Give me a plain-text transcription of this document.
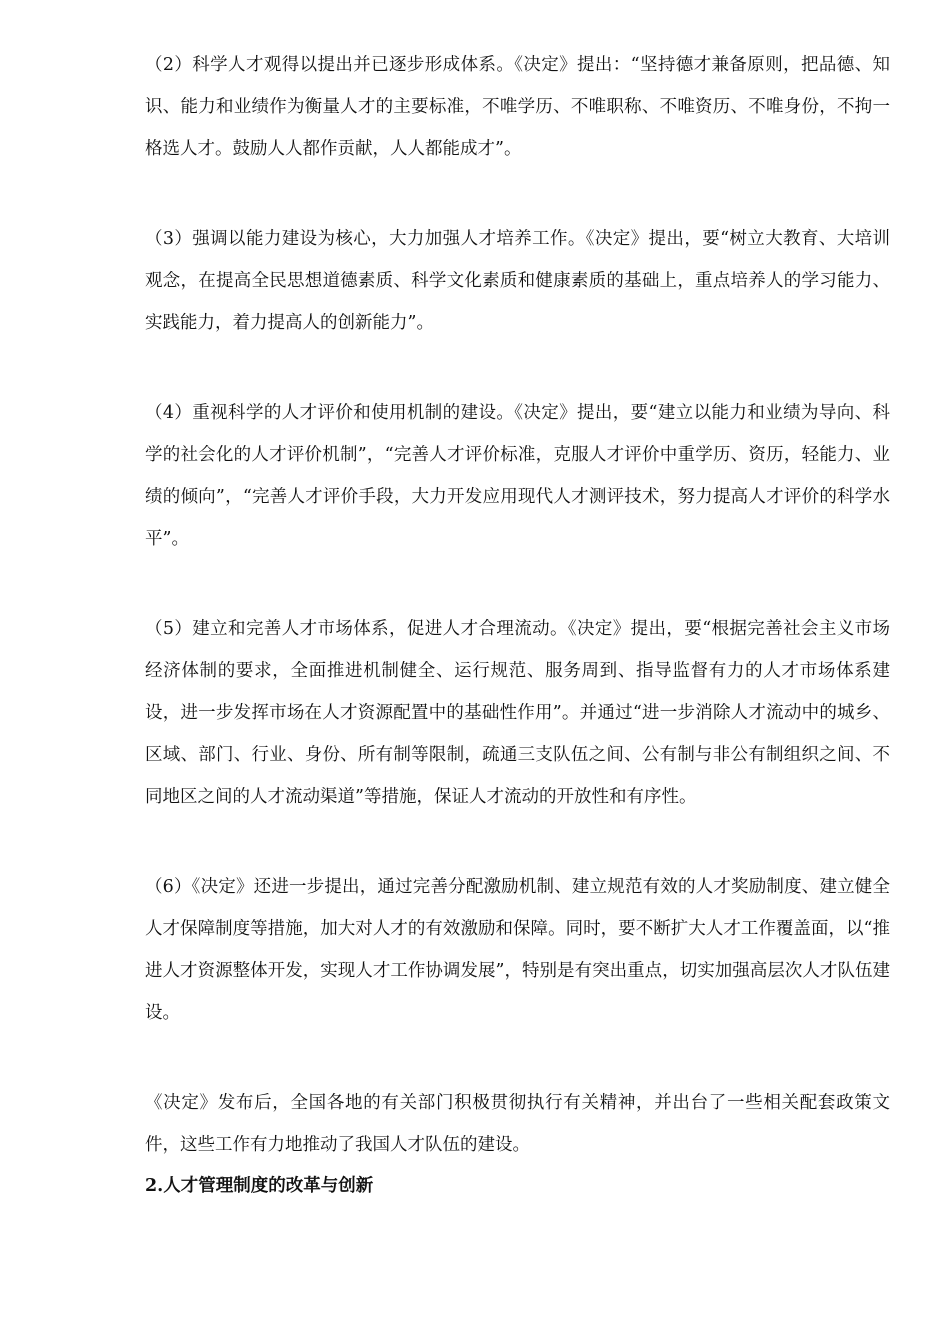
（2）科学人才观得以提出并已逐步形成体系。《决定》提出：“坚持德才兼备原则，把品德、知识、能力和业绩作为衡量人才的主要标准，不唯学历、不唯职称、不唯资历、不唯身份，不拘一格选人才。鼓励人人都作贡献，人人都能成才”。

（3）强调以能力建设为核心，大力加强人才培养工作。《决定》提出，要“树立大教育、大培训观念，在提高全民思想道德素质、科学文化素质和健康素质的基础上，重点培养人的学习能力、实践能力，着力提高人的创新能力”。

（4）重视科学的人才评价和使用机制的建设。《决定》提出，要“建立以能力和业绩为导向、科学的社会化的人才评价机制”，“完善人才评价标准，克服人才评价中重学历、资历，轻能力、业绩的倾向”，“完善人才评价手段，大力开发应用现代人才测评技术，努力提高人才评价的科学水平”。

（5）建立和完善人才市场体系，促进人才合理流动。《决定》提出，要“根据完善社会主义市场经济体制的要求，全面推进机制健全、运行规范、服务周到、指导监督有力的人才市场体系建设，进一步发挥市场在人才资源配置中的基础性作用”。并通过“进一步消除人才流动中的城乡、区域、部门、行业、身份、所有制等限制，疏通三支队伍之间、公有制与非公有制组织之间、不同地区之间的人才流动渠道”等措施，保证人才流动的开放性和有序性。

（6）《决定》还进一步提出，通过完善分配激励机制、建立规范有效的人才奖励制度、建立健全人才保障制度等措施，加大对人才的有效激励和保障。同时，要不断扩大人才工作覆盖面，以“推进人才资源整体开发，实现人才工作协调发展”，特别是有突出重点，切实加强高层次人才队伍建设。

《决定》发布后，全国各地的有关部门积极贯彻执行有关精神，并出台了一些相关配套政策文件，这些工作有力地推动了我国人才队伍的建设。

2.人才管理制度的改革与创新
